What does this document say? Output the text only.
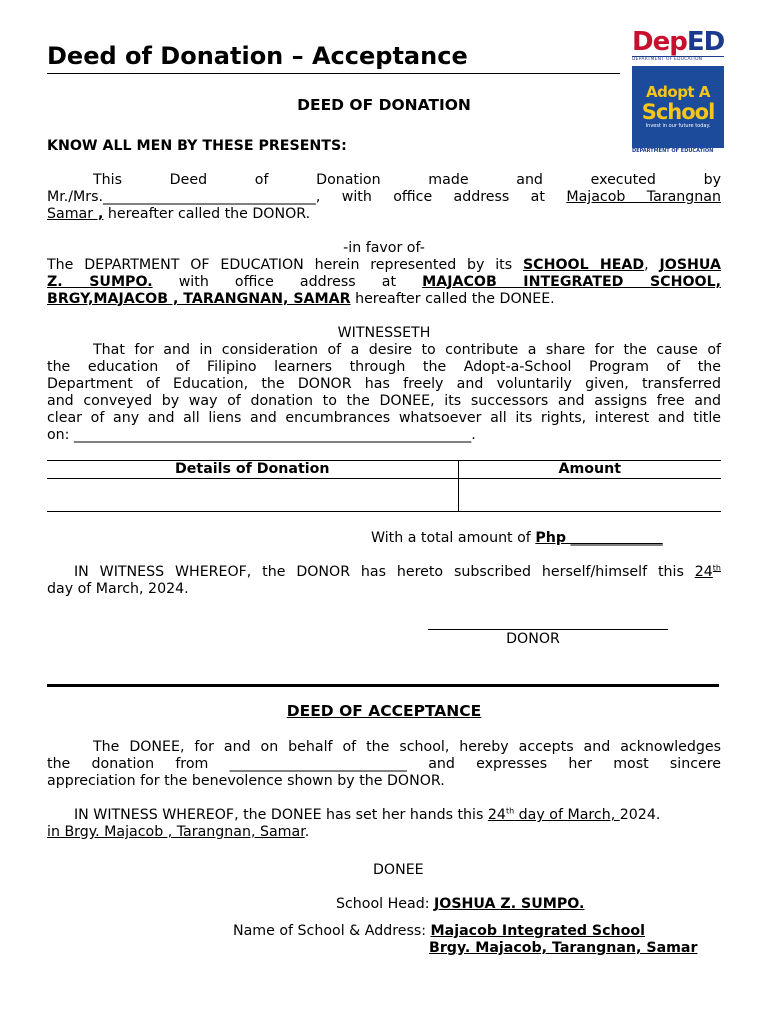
Deed of Donation – Acceptance	DepED
DEPARTMENT OF EDUCATION
Adopt A
School
Invest in our future today.
DEPARTMENT OF EDUCATION
DEED OF DONATION
KNOW ALL MEN BY THESE PRESENTS:
This Deed of Donation made and executed by
Mr./Mrs.______________________________, with office address at Majacob Tarangnan
Samar , hereafter called the DONOR.
-in favor of-
The DEPARTMENT OF EDUCATION herein represented by its SCHOOL HEAD, JOSHUA
Z. SUMPO. with office address at MAJACOB INTEGRATED SCHOOL,
BRGY,MAJACOB , TARANGNAN, SAMAR hereafter called the DONEE.
WITNESSETH
That for and in consideration of a desire to contribute a share for the cause of
the education of Filipino learners through the Adopt-a-School Program of the
Department of Education, the DONOR has freely and voluntarily given, transferred
and conveyed by way of donation to the DONEE, its successors and assigns free and
clear of any and all liens and encumbrances whatsoever all its rights, interest and title
on: ________________________________________________________.
Details of Donation	Amount

With a total amount of Php _____________
IN WITNESS WHEREOF, the DONOR has hereto subscribed herself/himself this 24th
day of March, 2024.
DONOR
DEED OF ACCEPTANCE
The DONEE, for and on behalf of the school, hereby accepts and acknowledges
the donation from _________________________ and expresses her most sincere
appreciation for the benevolence shown by the DONOR.
IN WITNESS WHEREOF, the DONEE has set her hands this 24th day of March, 2024.
in Brgy. Majacob , Tarangnan, Samar.
DONEE
School Head: JOSHUA Z. SUMPO.
Name of School & Address: Majacob Integrated School
Brgy. Majacob, Tarangnan, Samar
